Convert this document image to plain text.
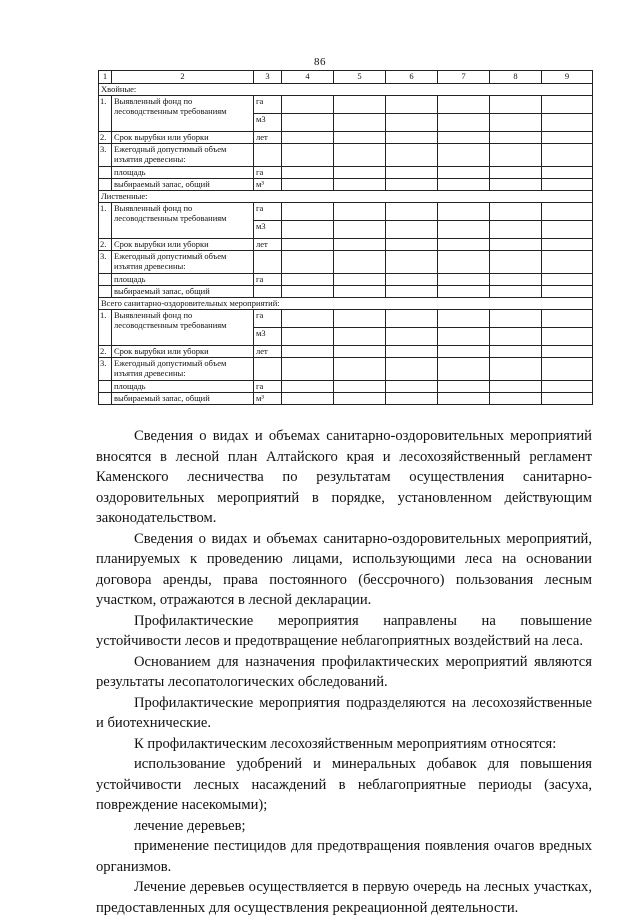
86
1	2	3	4	5	6	7	8	9
Хвойные:								
1.	Выявленный фонд по лесоводственным требованиям	га						
		м3						
2.	Срок вырубки или уборки	лет						
3.	Ежегодный допустимый объем изъятия древесины:							
	площадь	га						
	выбираемый запас, общий	м³						
Лиственные:								
1.	Выявленный фонд по лесоводственным требованиям	га						
		м3						
2.	Срок вырубки или уборки	лет						
3.	Ежегодный допустимый объем изъятия древесины:							
	площадь	га						
	выбираемый запас, общий							
Всего санитарно-оздоровительных мероприятий:								
1.	Выявленный фонд по лесоводственным требованиям	га						
		м3						
2.	Срок вырубки или уборки	лет						
3.	Ежегодный допустимый объем изъятия древесины:							
	площадь	га						
	выбираемый запас, общий	м³						

Сведения о видах и объемах санитарно-оздоровительных мероприятий вносятся в лесной план Алтайского края и лесохозяйственный регламент Каменского лесничества по результатам осуществления санитарно-оздоровительных мероприятий в порядке, установленном действующим законодательством.

Сведения о видах и объемах санитарно-оздоровительных мероприятий, планируемых к проведению лицами, использующими леса на основании договора аренды, права постоянного (бессрочного) пользования лесным участком, отражаются в лесной декларации.

Профилактические мероприятия направлены на повышение устойчивости лесов и предотвращение неблагоприятных воздействий на леса.

Основанием для назначения профилактических мероприятий являются результаты лесопатологических обследований.

Профилактические мероприятия подразделяются на лесохозяйственные и биотехнические.

К профилактическим лесохозяйственным мероприятиям относятся:

использование удобрений и минеральных добавок для повышения устойчивости лесных насаждений в неблагоприятные периоды (засуха, повреждение насекомыми);

лечение деревьев;

применение пестицидов для предотвращения появления очагов вредных организмов.

Лечение деревьев осуществляется в первую очередь на лесных участках, предоставленных для осуществления рекреационной деятельности.
